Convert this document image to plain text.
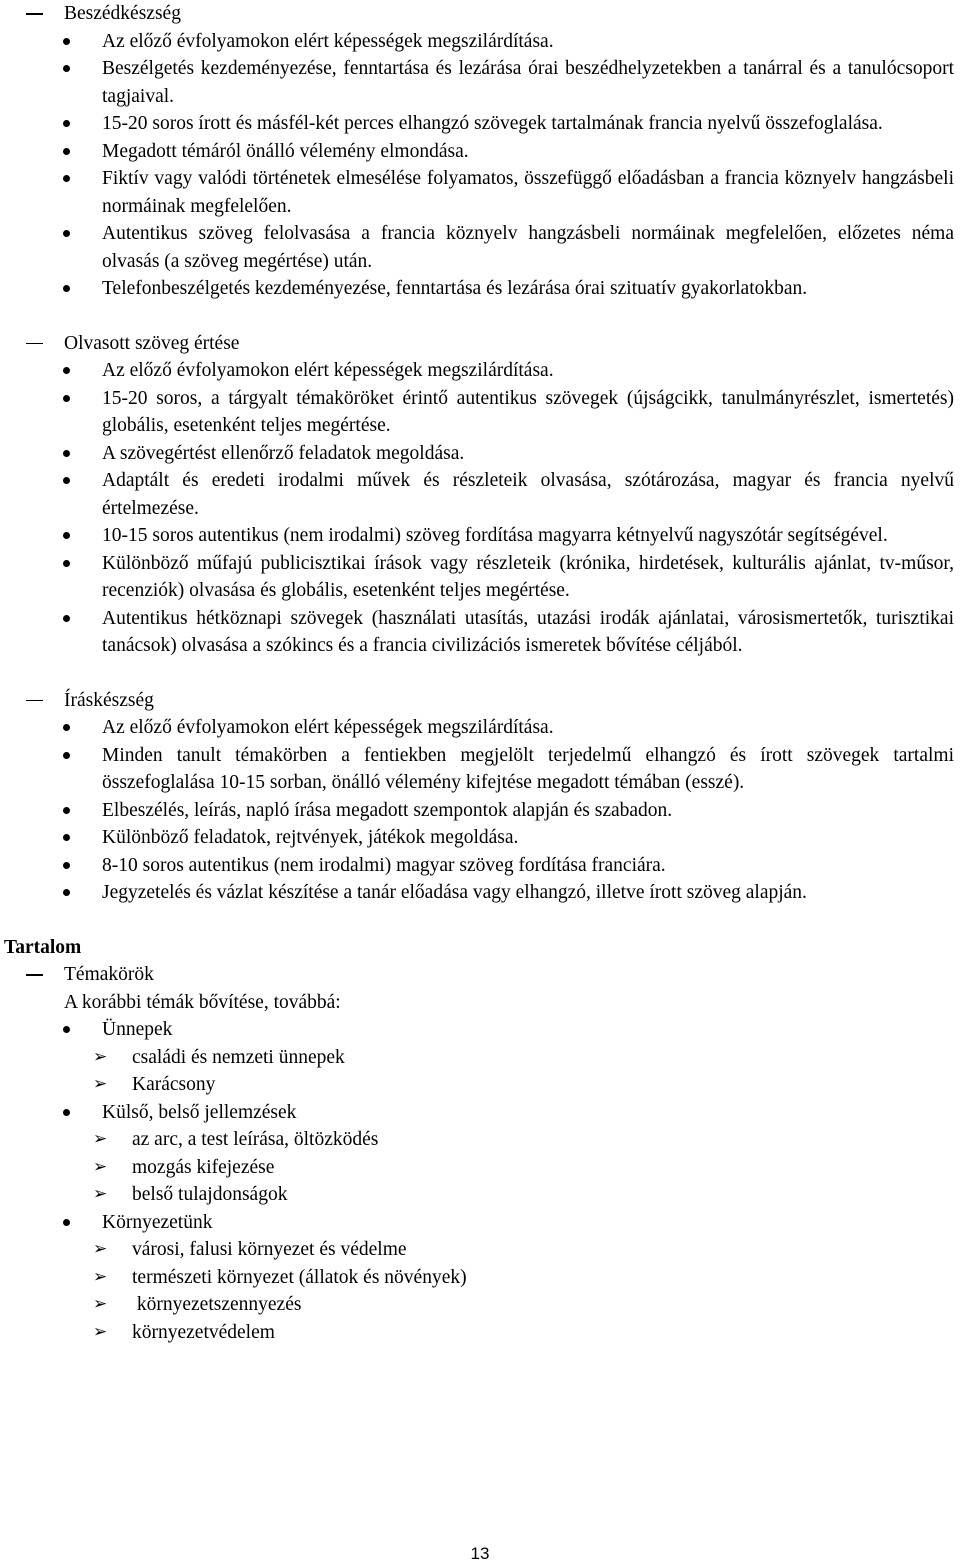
Beszédkészség
Az előző évfolyamokon elért képességek megszilárdítása.
Beszélgetés kezdeményezése, fenntartása és lezárása órai beszédhelyzetekben a tanárral és a tanulócsoport tagjaival.
15-20 soros írott és másfél-két perces elhangzó szövegek tartalmának francia nyelvű összefoglalása.
Megadott témáról önálló vélemény elmondása.
Fiktív vagy valódi történetek elmesélése folyamatos, összefüggő előadásban a francia köznyelv hangzásbeli normáinak megfelelően.
Autentikus szöveg felolvasása a francia köznyelv hangzásbeli normáinak megfelelően, előzetes néma olvasás (a szöveg megértése) után.
Telefonbeszélgetés kezdeményezése, fenntartása és lezárása órai szituatív gyakorlatokban.
Olvasott szöveg értése
Az előző évfolyamokon elért képességek megszilárdítása.
15-20 soros, a tárgyalt témaköröket érintő autentikus szövegek (újságcikk, tanulmányrészlet, ismertetés) globális, esetenként teljes megértése.
A szövegértést ellenőrző feladatok megoldása.
Adaptált és eredeti irodalmi művek és részleteik olvasása, szótározása, magyar és francia nyelvű értelmezése.
10-15 soros autentikus (nem irodalmi) szöveg fordítása magyarra kétnyelvű nagyszótár segítségével.
Különböző műfajú publicisztikai írások vagy részleteik (krónika, hirdetések, kulturális ajánlat, tv-műsor, recenziók) olvasása és globális, esetenként teljes megértése.
Autentikus hétköznapi szövegek (használati utasítás, utazási irodák ajánlatai, városismertetők, turisztikai tanácsok) olvasása a szókincs és a francia civilizációs ismeretek bővítése céljából.
Íráskészség
Az előző évfolyamokon elért képességek megszilárdítása.
Minden tanult témakörben a fentiekben megjelölt terjedelmű elhangzó és írott szövegek tartalmi összefoglalása 10-15 sorban, önálló vélemény kifejtése megadott témában (esszé).
Elbeszélés, leírás, napló írása megadott szempontok alapján és szabadon.
Különböző feladatok, rejtvények, játékok megoldása.
8-10 soros autentikus (nem irodalmi) magyar szöveg fordítása franciára.
Jegyzetelés és vázlat készítése a tanár előadása vagy elhangzó, illetve írott szöveg alapján.
Tartalom
Témakörök
A korábbi témák bővítése, továbbá:
Ünnepek
➢ családi és nemzeti ünnepek
➢ Karácsony
Külső, belső jellemzések
➢ az arc, a test leírása, öltözködés
➢ mozgás kifejezése
➢ belső tulajdonságok
Környezetünk
➢ városi, falusi környezet és védelme
➢ természeti környezet (állatok és növények)
➢ környezetszennyezés
➢ környezetvédelem
13
